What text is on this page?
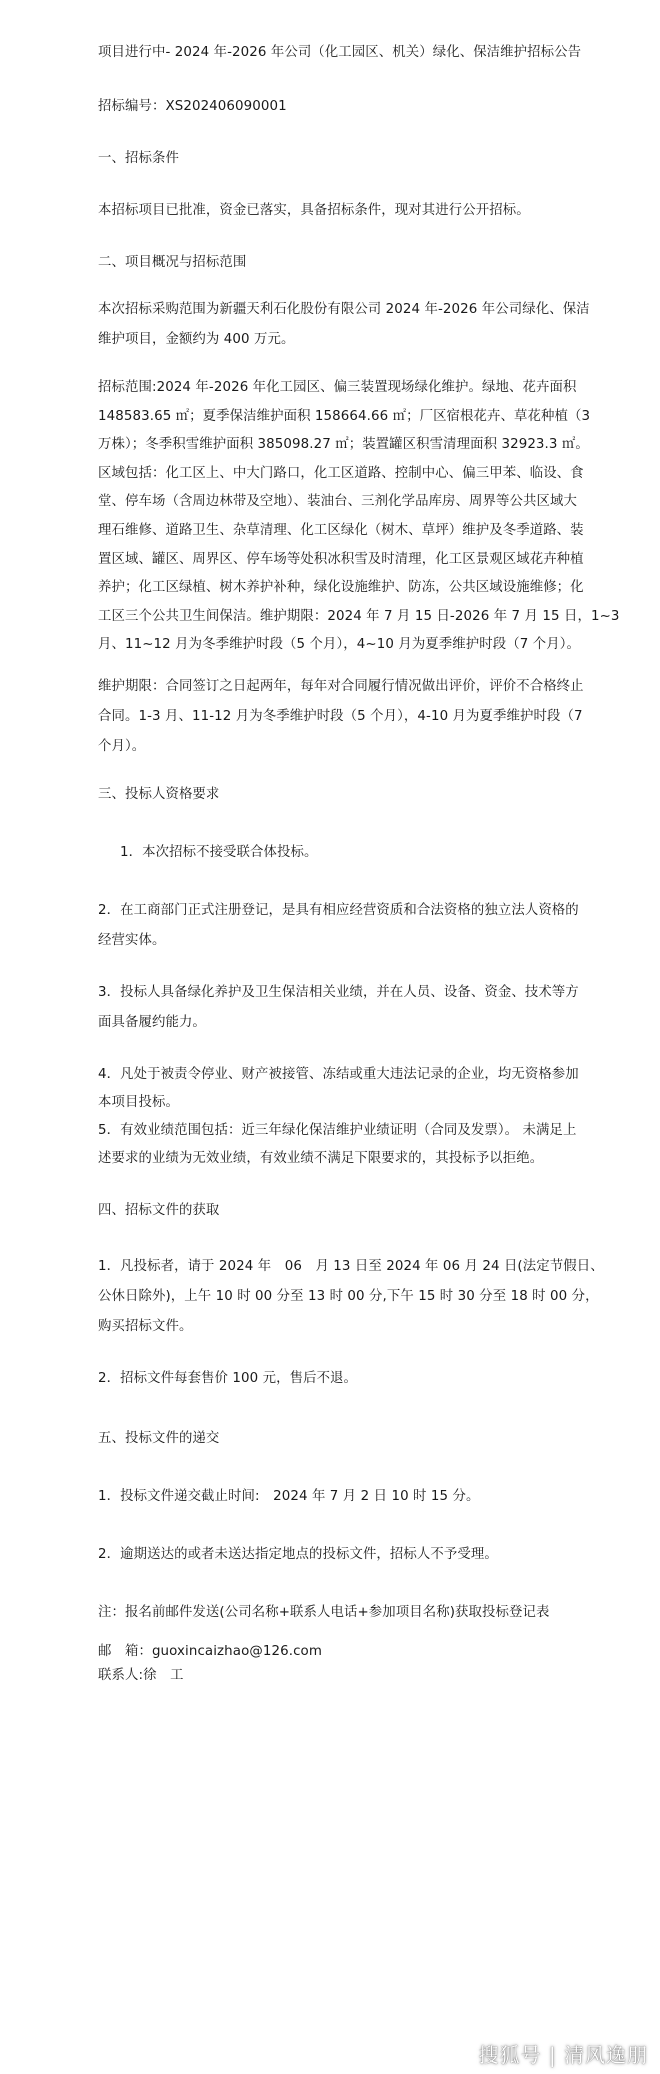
项目进行中- 2024 年-2026 年公司（化工园区、机关）绿化、保洁维护招标公告
招标编号：XS202406090001
一、招标条件
本招标项目已批准，资金已落实，具备招标条件，现对其进行公开招标。
二、项目概况与招标范围
本次招标采购范围为新疆天利石化股份有限公司 2024 年-2026 年公司绿化、保洁
维护项目，金额约为 400 万元。
招标范围:2024 年-2026 年化工园区、偏三装置现场绿化维护。绿地、花卉面积
148583.65 ㎡；夏季保洁维护面积 158664.66 ㎡；厂区宿根花卉、草花种植（3
万株）；冬季积雪维护面积 385098.27 ㎡；装置罐区积雪清理面积 32923.3 ㎡。
区域包括：化工区上、中大门路口，化工区道路、控制中心、偏三甲苯、临设、食
堂、停车场（含周边林带及空地）、装油台、三剂化学品库房、周界等公共区域大
理石维修、道路卫生、杂草清理、化工区绿化（树木、草坪）维护及冬季道路、装
置区域、罐区、周界区、停车场等处积冰积雪及时清理，化工区景观区域花卉种植
养护；化工区绿植、树木养护补种，绿化设施维护、防冻，公共区域设施维修；化
工区三个公共卫生间保洁。维护期限：2024 年 7 月 15 日-2026 年 7 月 15 日，1~3
月、11~12 月为冬季维护时段（5 个月），4~10 月为夏季维护时段（7 个月）。
维护期限：合同签订之日起两年，每年对合同履行情况做出评价，评价不合格终止
合同。1-3 月、11-12 月为冬季维护时段（5 个月），4-10 月为夏季维护时段（7
个月）。
三、投标人资格要求
1．本次招标不接受联合体投标。
2．在工商部门正式注册登记，是具有相应经营资质和合法资格的独立法人资格的
经营实体。
3．投标人具备绿化养护及卫生保洁相关业绩，并在人员、设备、资金、技术等方
面具备履约能力。
4．凡处于被责令停业、财产被接管、冻结或重大违法记录的企业，均无资格参加
本项目投标。
5．有效业绩范围包括：近三年绿化保洁维护业绩证明（合同及发票）。 未满足上
述要求的业绩为无效业绩，有效业绩不满足下限要求的，其投标予以拒绝。
四、招标文件的获取
1．凡投标者，请于 2024 年　06　月 13 日至 2024 年 06 月 24 日(法定节假日、
公休日除外)，上午 10 时 00 分至 13 时 00 分,下午 15 时 30 分至 18 时 00 分，
购买招标文件。
2．招标文件每套售价 100 元，售后不退。
五、投标文件的递交
1．投标文件递交截止时间:　2024 年 7 月 2 日 10 时 15 分。
2．逾期送达的或者未送达指定地点的投标文件，招标人不予受理。
注：报名前邮件发送(公司名称+联系人电话+参加项目名称)获取投标登记表
邮　箱：guoxincaizhao@126.com
联系人:徐　工
搜狐号 | 清风逸朋
